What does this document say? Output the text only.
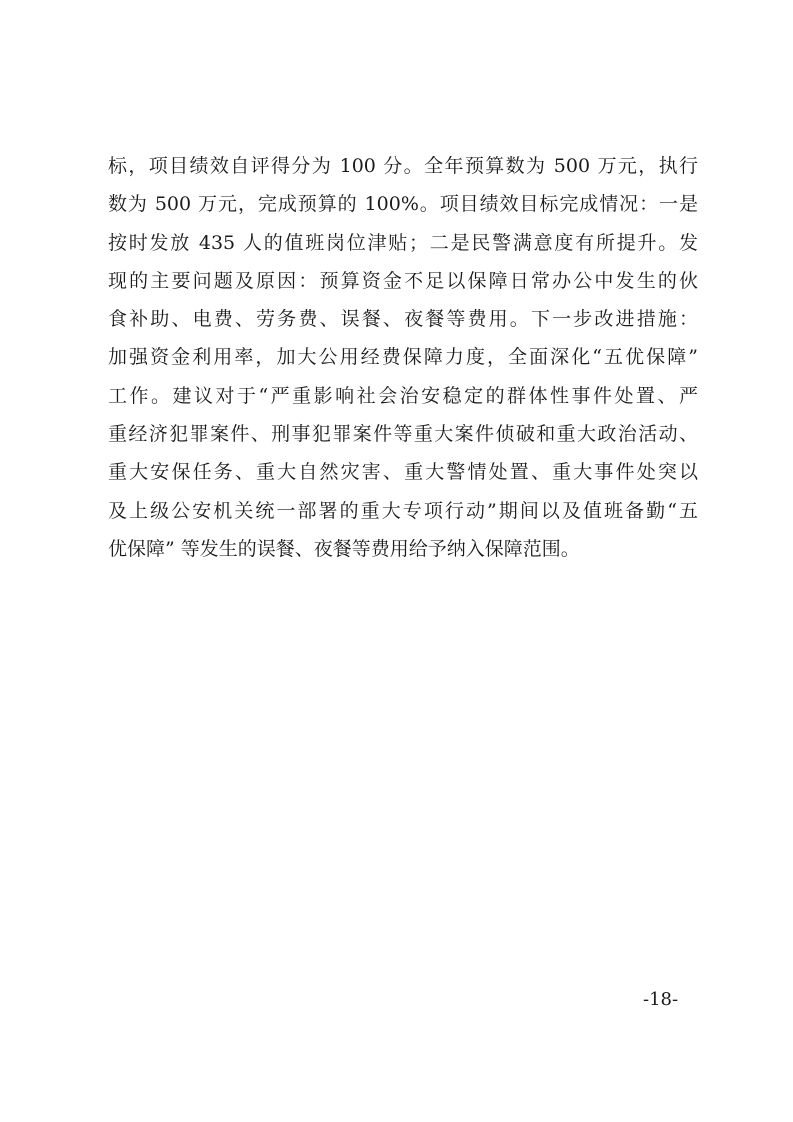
标，项目绩效自评得分为 100 分。全年预算数为 500 万元，执行
数为 500 万元，完成预算的 100%。项目绩效目标完成情况：一是
按时发放 435 人的值班岗位津贴；二是民警满意度有所提升。发
现的主要问题及原因：预算资金不足以保障日常办公中发生的伙
食补助、电费、劳务费、误餐、夜餐等费用。下一步改进措施：
加强资金利用率，加大公用经费保障力度，全面深化“五优保障”
工作。建议对于“严重影响社会治安稳定的群体性事件处置、严
重经济犯罪案件、刑事犯罪案件等重大案件侦破和重大政治活动、
重大安保任务、重大自然灾害、重大警情处置、重大事件处突以
及上级公安机关统一部署的重大专项行动”期间以及值班备勤“五
优保障” 等发生的误餐、夜餐等费用给予纳入保障范围。
-18-
